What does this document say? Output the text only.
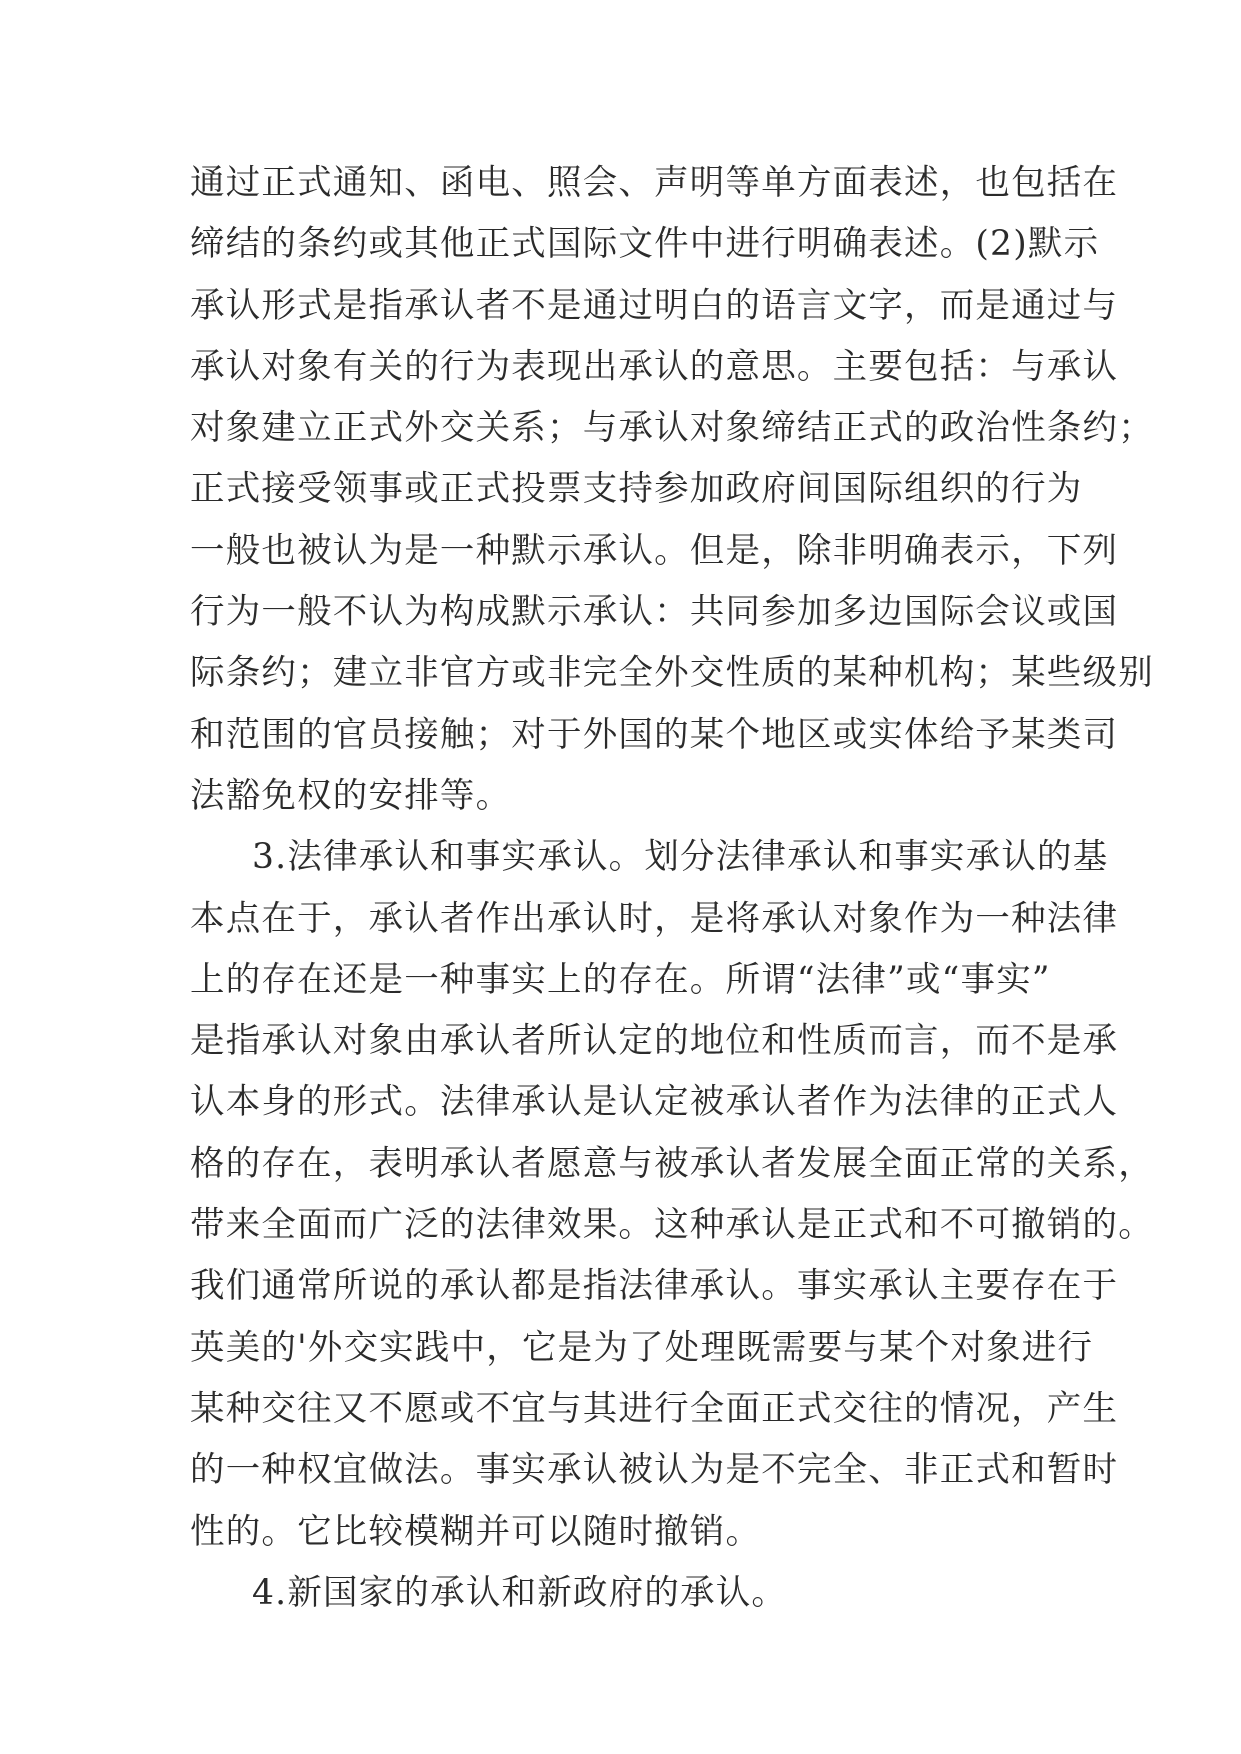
通过正式通知、函电、照会、声明等单方面表述，也包括在
缔结的条约或其他正式国际文件中进行明确表述。(2)默示
承认形式是指承认者不是通过明白的语言文字，而是通过与
承认对象有关的行为表现出承认的意思。主要包括：与承认
对象建立正式外交关系；与承认对象缔结正式的政治性条约；
正式接受领事或正式投票支持参加政府间国际组织的行为
一般也被认为是一种默示承认。但是，除非明确表示，下列
行为一般不认为构成默示承认：共同参加多边国际会议或国
际条约；建立非官方或非完全外交性质的某种机构；某些级别
和范围的官员接触；对于外国的某个地区或实体给予某类司
法豁免权的安排等。
3.法律承认和事实承认。划分法律承认和事实承认的基
本点在于，承认者作出承认时，是将承认对象作为一种法律
上的存在还是一种事实上的存在。所谓“法律”或“事实”
是指承认对象由承认者所认定的地位和性质而言，而不是承
认本身的形式。法律承认是认定被承认者作为法律的正式人
格的存在，表明承认者愿意与被承认者发展全面正常的关系，
带来全面而广泛的法律效果。这种承认是正式和不可撤销的。
我们通常所说的承认都是指法律承认。事实承认主要存在于
英美的'外交实践中，它是为了处理既需要与某个对象进行
某种交往又不愿或不宜与其进行全面正式交往的情况，产生
的一种权宜做法。事实承认被认为是不完全、非正式和暂时
性的。它比较模糊并可以随时撤销。
4.新国家的承认和新政府的承认。
